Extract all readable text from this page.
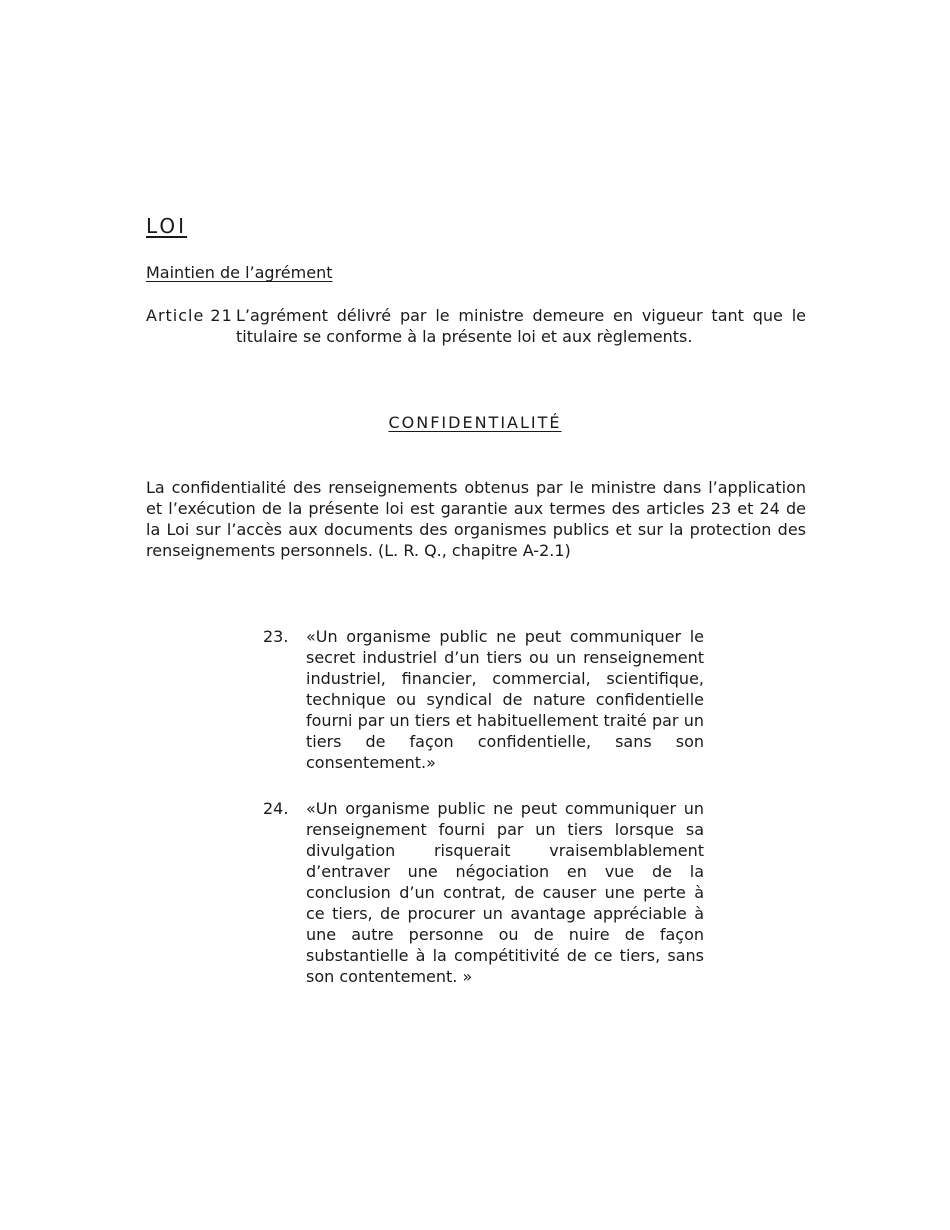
LOI
Maintien de l’agrément
Article 21 L’agrément délivré par le ministre demeure en vigueur tant que le titulaire se conforme à la présente loi et aux règlements.
CONFIDENTIALITÉ
La confidentialité des renseignements obtenus par le ministre dans l’application et l’exécution de la présente loi est garantie aux termes des articles 23 et 24 de la Loi sur l’accès aux documents des organismes publics et sur la protection des renseignements personnels. (L. R. Q., chapitre A-2.1)
23. «Un organisme public ne peut communiquer le secret industriel d’un tiers ou un renseignement industriel, financier, commercial, scientifique, technique ou syndical de nature confidentielle fourni par un tiers et habituellement traité par un tiers de façon confidentielle, sans son consentement.»
24. «Un organisme public ne peut communiquer un renseignement fourni par un tiers lorsque sa divulgation risquerait vraisemblablement d’entraver une négociation en vue de la conclusion d’un contrat, de causer une perte à ce tiers, de procurer un avantage appréciable à une autre personne ou de nuire de façon substantielle à la compétitivité de ce tiers, sans son contentement. »
